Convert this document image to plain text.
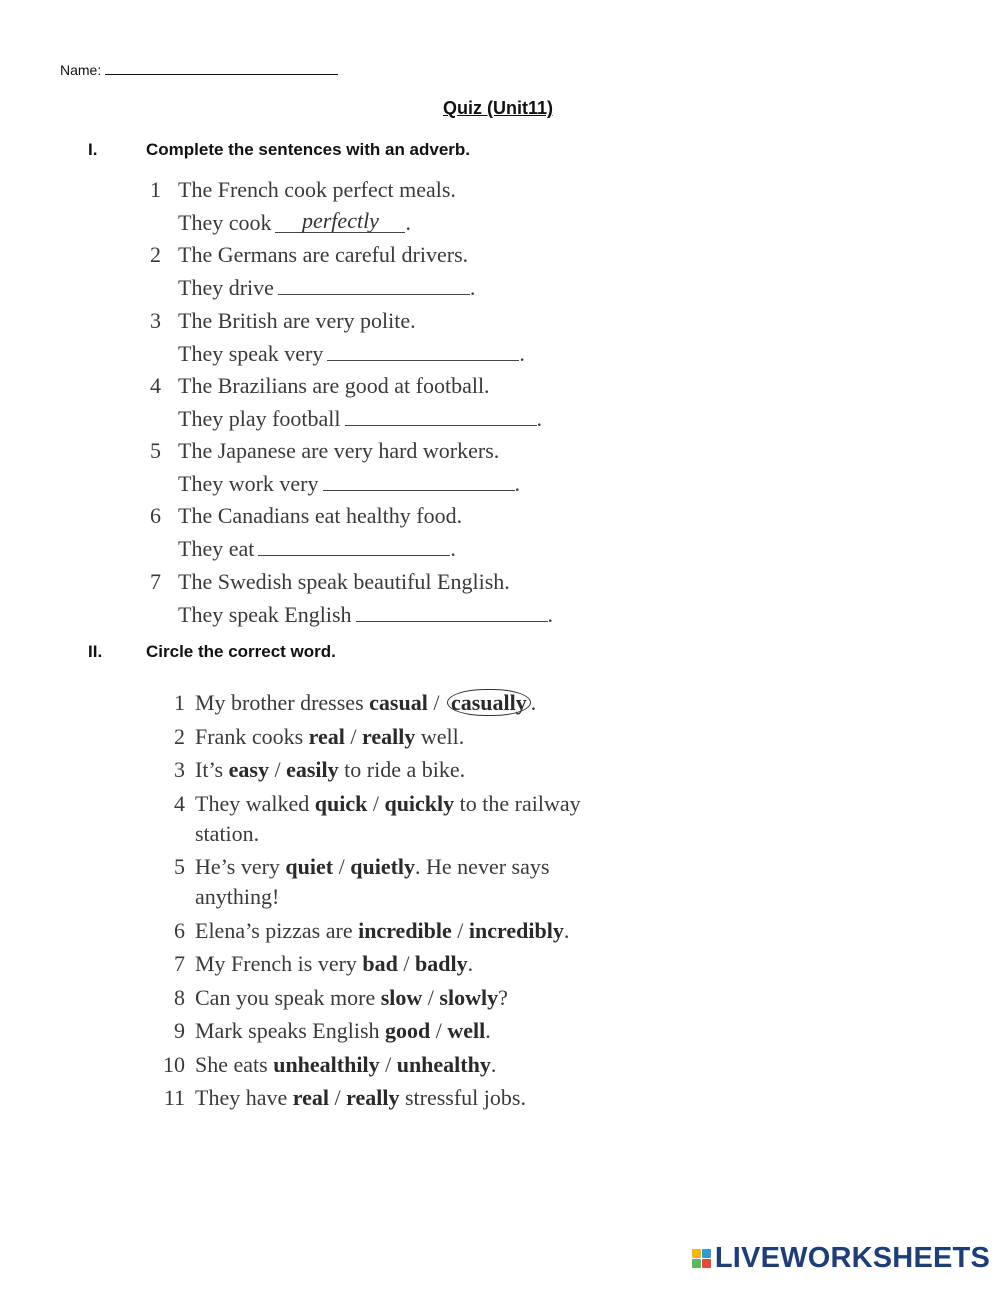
Name:
Quiz (Unit11)
I.	Complete the sentences with an adverb.
1 The French cook perfect meals.
They cook perfectly .
2 The Germans are careful drivers.
They drive	.
3 The British are very polite.
They speak very	.
4 The Brazilians are good at football.
They play football	.
5 The Japanese are very hard workers.
They work very	.
6 The Canadians eat healthy food.
They eat	.
7 The Swedish speak beautiful English.
They speak English	.
II.	Circle the correct word.
1 My brother dresses casual / casually .
2 Frank cooks real / really well.
3 It’s easy / easily to ride a bike.
4 They walked quick / quickly to the railway station.
5 He’s very quiet / quietly. He never says anything!
6 Elena’s pizzas are incredible / incredibly.
7 My French is very bad / badly.
8 Can you speak more slow / slowly?
9 Mark speaks English good / well.
10 She eats unhealthily / unhealthy.
11 They have real / really stressful jobs.
LIVEWORKSHEETS
